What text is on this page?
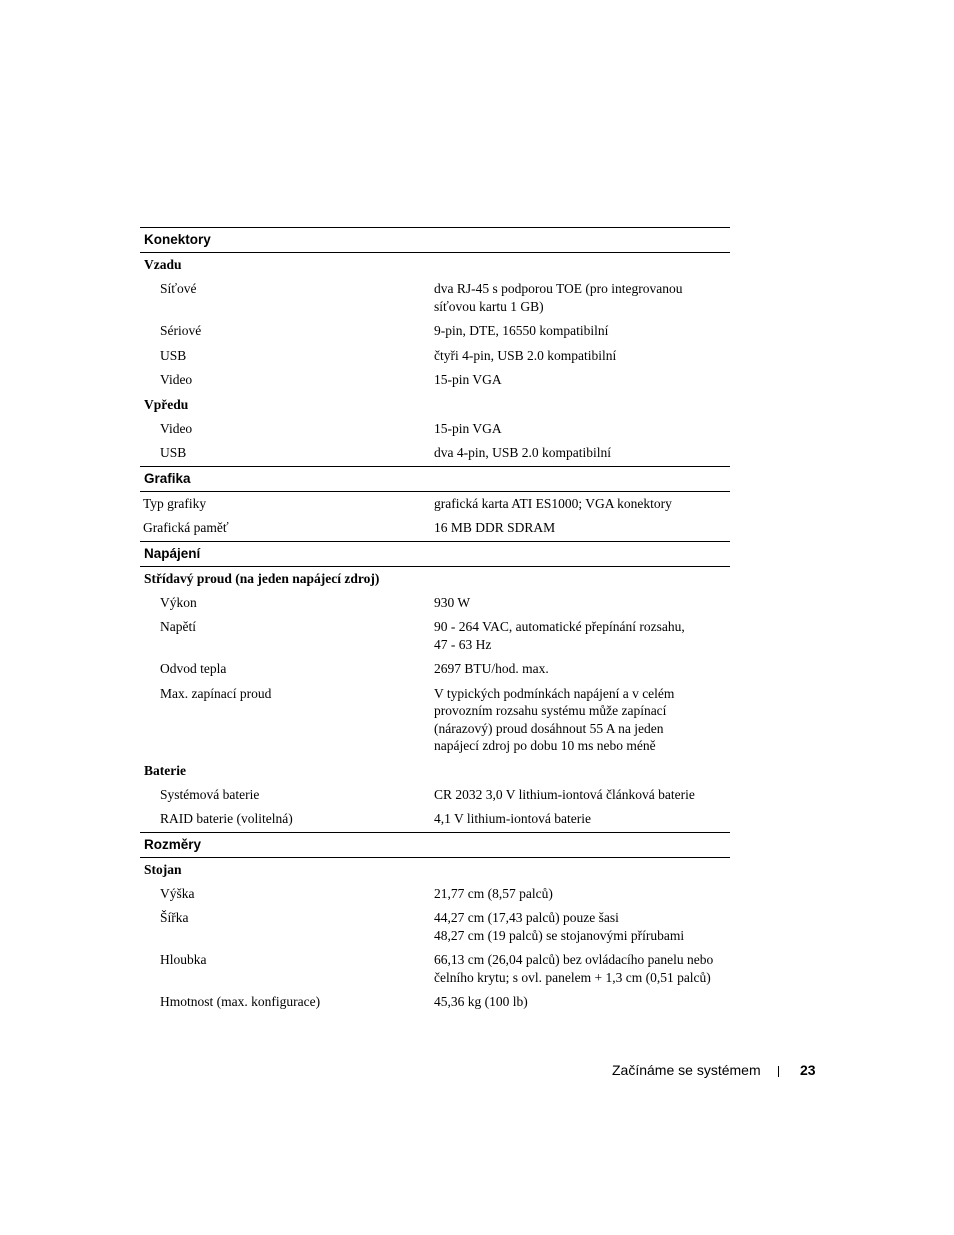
Konektory
Vzadu
Síťové	dva RJ-45 s podporou TOE (pro integrovanou
síťovou kartu 1 GB)
Sériové	9-pin, DTE, 16550 kompatibilní
USB	čtyři 4-pin, USB 2.0 kompatibilní
Video	15-pin VGA
Vpředu
Video	15-pin VGA
USB	dva 4-pin, USB 2.0 kompatibilní
Grafika
Typ grafiky	grafická karta ATI ES1000; VGA konektory
Grafická paměť	16 MB DDR SDRAM
Napájení
Střídavý proud (na jeden napájecí zdroj)
Výkon	930 W
Napětí	90 - 264 VAC, automatické přepínání rozsahu,
47 - 63 Hz
Odvod tepla	2697 BTU/hod. max.
Max. zapínací proud	V typických podmínkách napájení a v celém
provozním rozsahu systému může zapínací
(nárazový) proud dosáhnout 55 A na jeden
napájecí zdroj po dobu 10 ms nebo méně
Baterie
Systémová baterie	CR 2032 3,0 V lithium-iontová článková baterie
RAID baterie (volitelná)	4,1 V lithium-iontová baterie
Rozměry
Stojan
Výška	21,77 cm (8,57 palců)
Šířka	44,27 cm (17,43 palců) pouze šasi
48,27 cm (19 palců) se stojanovými přírubami
Hloubka	66,13 cm (26,04 palců) bez ovládacího panelu nebo
čelního krytu; s ovl. panelem + 1,3 cm (0,51 palců)
Hmotnost (max. konfigurace)	45,36 kg (100 lb)
Začínáme se systémem	23
